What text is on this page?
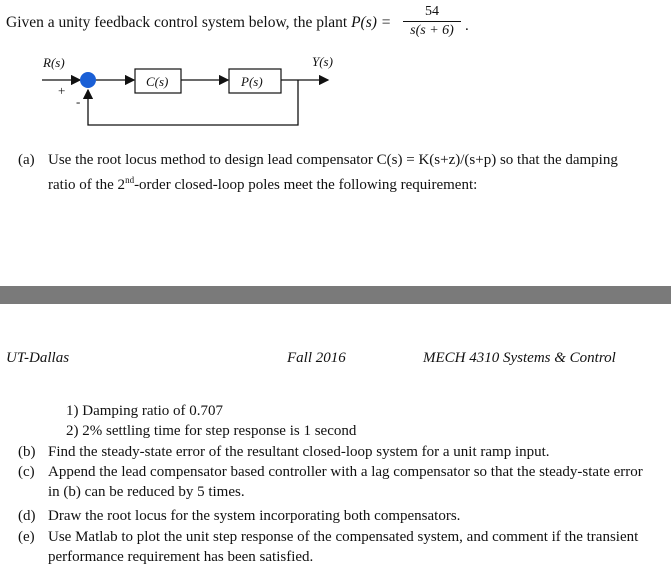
Given a unity feedback control system below, the plant P(s) =
54
s(s + 6) .
R(s)
+
-
C(s)	P(s)
Y(s)
(a) Use the root locus method to design lead compensator C(s) = K(s+z)/(s+p) so that the damping ratio of the 2nd-order closed-loop poles meet the following requirement:
UT-Dallas	Fall 2016	MECH 4310 Systems & Control
1) Damping ratio of 0.707
2) 2% settling time for step response is 1 second
(b) Find the steady-state error of the resultant closed-loop system for a unit ramp input.
(c) Append the lead compensator based controller with a lag compensator so that the steady-state error in (b) can be reduced by 5 times.
(d) Draw the root locus for the system incorporating both compensators.
(e) Use Matlab to plot the unit step response of the compensated system, and comment if the transient performance requirement has been satisfied.
